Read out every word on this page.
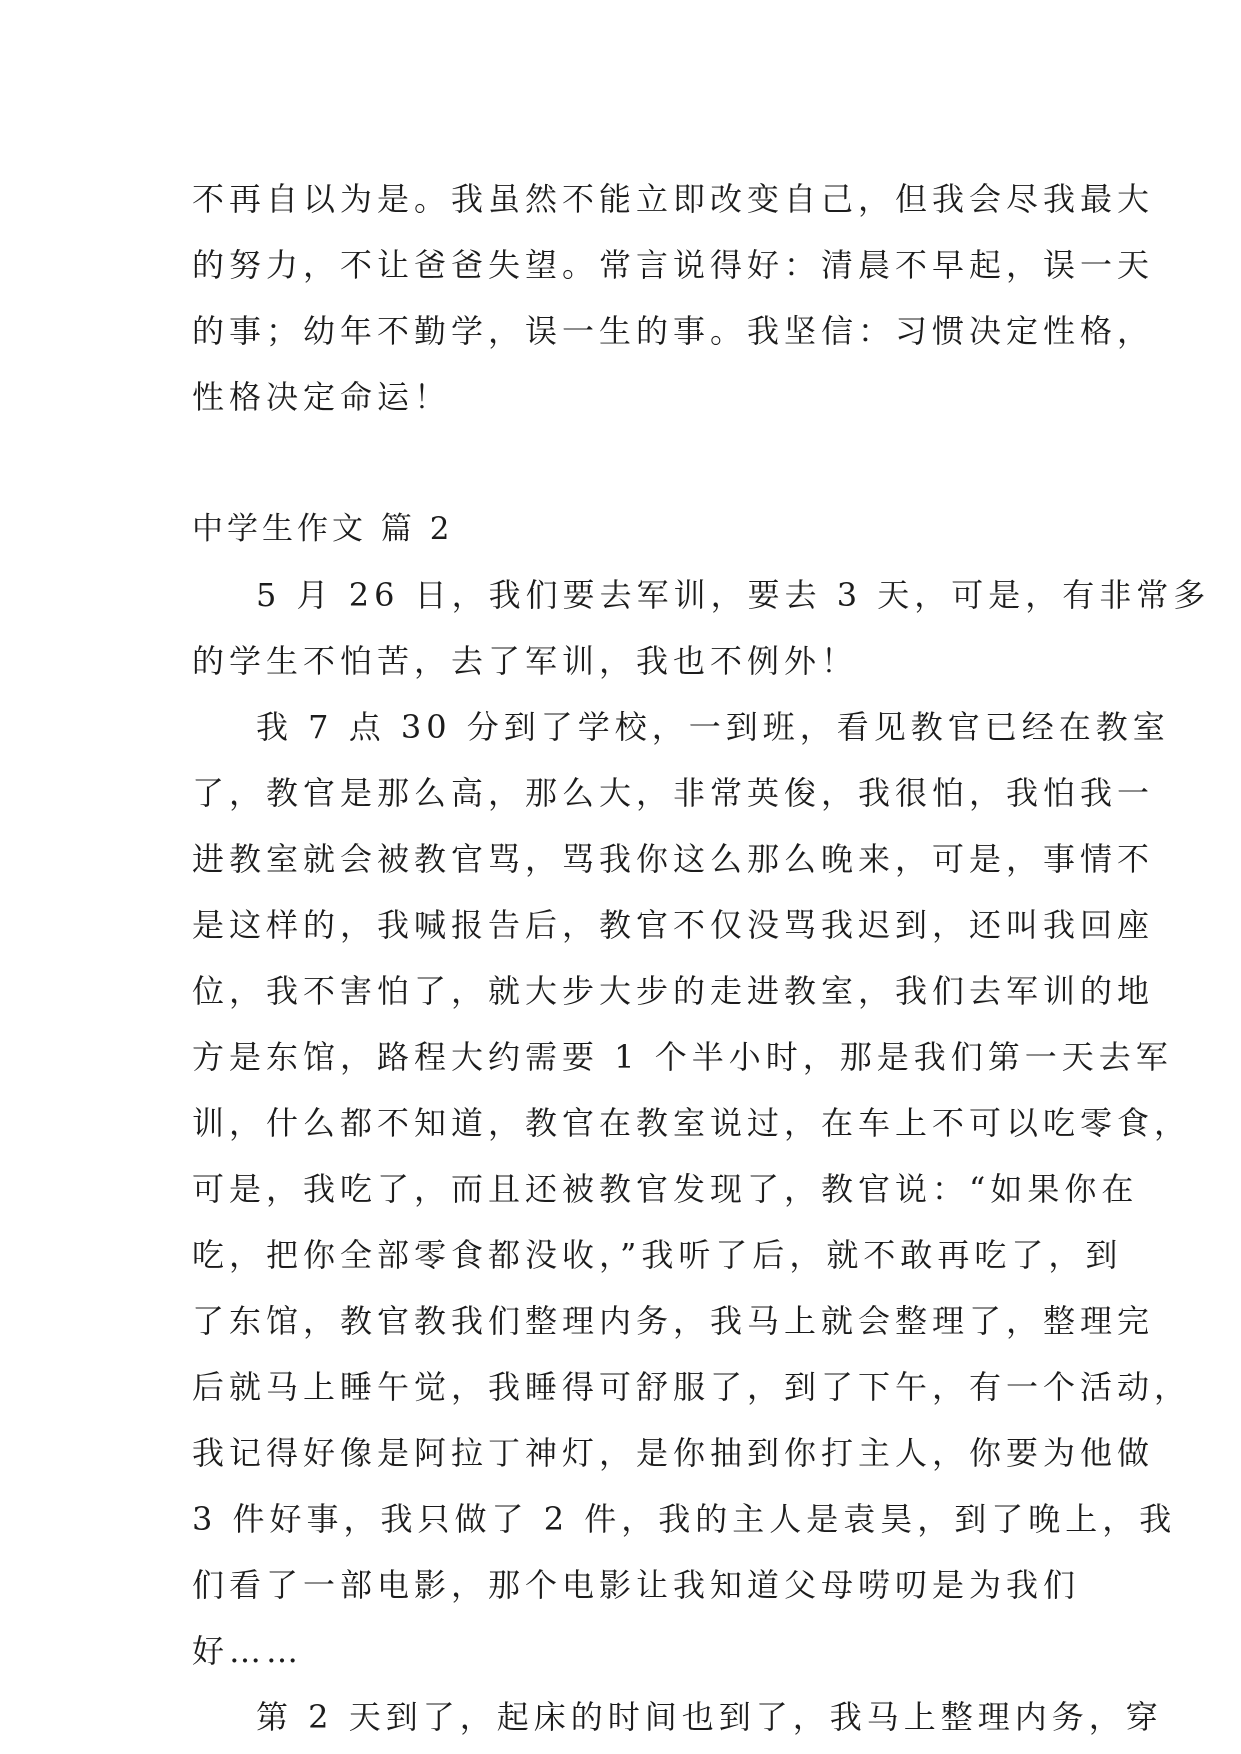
不再自以为是。我虽然不能立即改变自己，但我会尽我最大
的努力，不让爸爸失望。常言说得好：清晨不早起，误一天
的事；幼年不勤学，误一生的事。我坚信：习惯决定性格，
性格决定命运！
中学生作文 篇 2
5 月 26 日，我们要去军训，要去 3 天，可是，有非常多
的学生不怕苦，去了军训，我也不例外！
我 7 点 30 分到了学校，一到班，看见教官已经在教室
了，教官是那么高，那么大，非常英俊，我很怕，我怕我一
进教室就会被教官骂，骂我你这么那么晚来，可是，事情不
是这样的，我喊报告后，教官不仅没骂我迟到，还叫我回座
位，我不害怕了，就大步大步的走进教室，我们去军训的地
方是东馆，路程大约需要 1 个半小时，那是我们第一天去军
训，什么都不知道，教官在教室说过，在车上不可以吃零食，
可是，我吃了，而且还被教官发现了，教官说：“如果你在
吃，把你全部零食都没收，”我听了后，就不敢再吃了，到
了东馆，教官教我们整理内务，我马上就会整理了，整理完
后就马上睡午觉，我睡得可舒服了，到了下午，有一个活动，
我记得好像是阿拉丁神灯，是你抽到你打主人，你要为他做
3 件好事，我只做了 2 件，我的主人是袁昊，到了晚上，我
们看了一部电影，那个电影让我知道父母唠叨是为我们
好……
第 2 天到了，起床的时间也到了，我马上整理内务，穿
